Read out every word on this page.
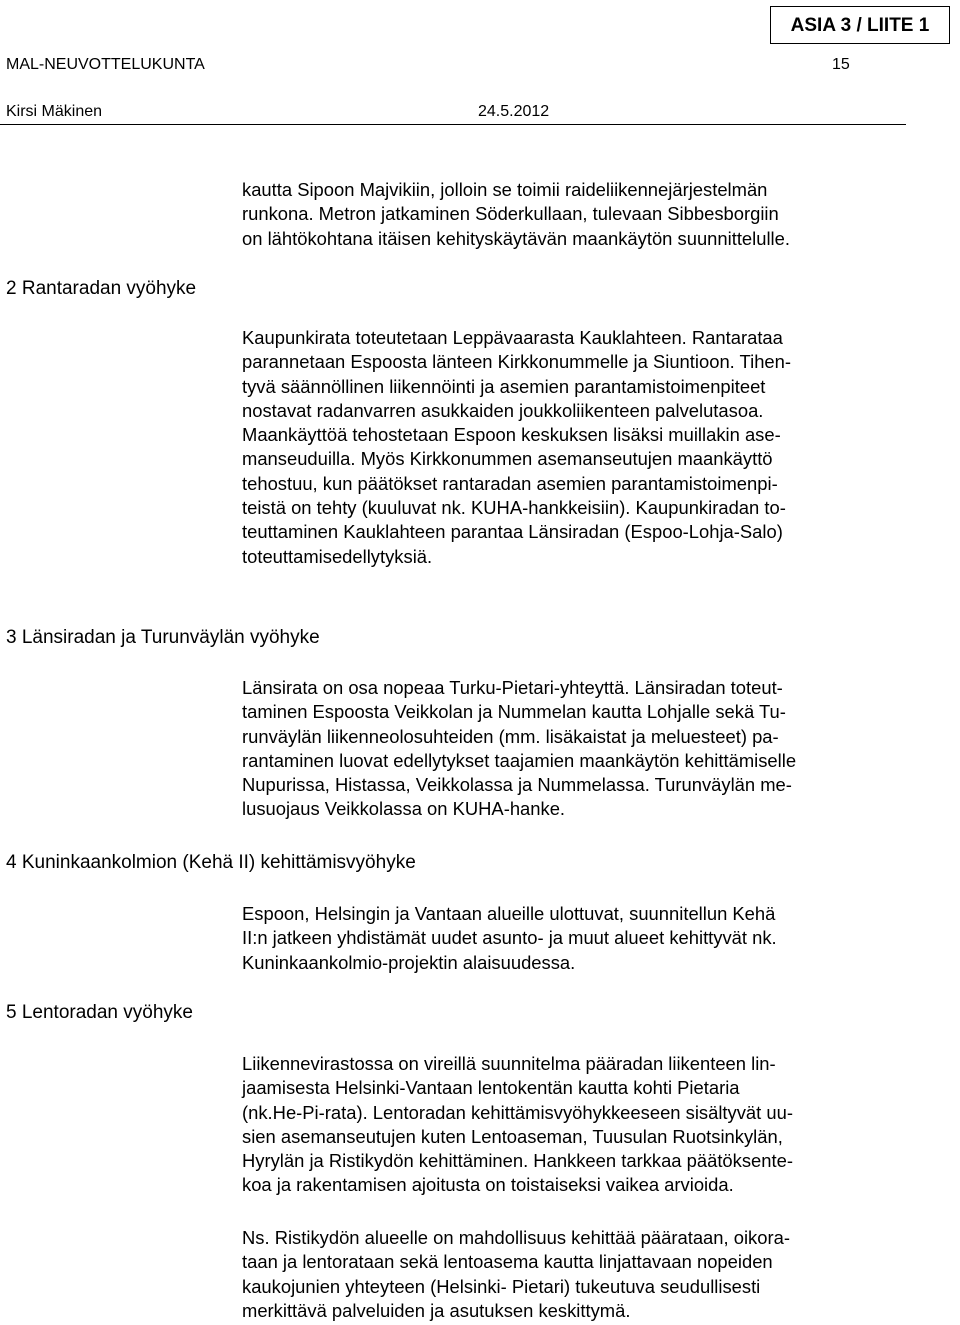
ASIA 3 / LIITE 1
MAL-NEUVOTTELUKUNTA	15
Kirsi Mäkinen	24.5.2012
kautta Sipoon Majvikiin, jolloin se toimii raideliikennejärjestelmän
runkona. Metron jatkaminen Söderkullaan, tulevaan Sibbesborgiin
on lähtökohtana itäisen kehityskäytävän maankäytön suunnittelulle.
2 Rantaradan vyöhyke
Kaupunkirata toteutetaan Leppävaarasta Kauklahteen. Rantarataa
parannetaan Espoosta länteen Kirkkonummelle ja Siuntioon. Tihen-
tyvä säännöllinen liikennöinti ja asemien parantamistoimenpiteet
nostavat radanvarren asukkaiden joukkoliikenteen palvelutasoa.
Maankäyttöä tehostetaan Espoon keskuksen lisäksi muillakin ase-
manseuduilla. Myös Kirkkonummen asemanseutujen maankäyttö
tehostuu, kun päätökset rantaradan asemien parantamistoimenpi-
teistä on tehty (kuuluvat nk. KUHA-hankkeisiin). Kaupunkiradan to-
teuttaminen Kauklahteen parantaa Länsiradan (Espoo-Lohja-Salo)
toteuttamisedellytyksiä.
3 Länsiradan ja Turunväylän vyöhyke
Länsirata on osa nopeaa Turku-Pietari-yhteyttä. Länsiradan toteut-
taminen Espoosta Veikkolan ja Nummelan kautta Lohjalle sekä Tu-
runväylän liikenneolosuhteiden (mm. lisäkaistat ja meluesteet) pa-
rantaminen luovat edellytykset taajamien maankäytön kehittämiselle
Nupurissa, Histassa, Veikkolassa ja Nummelassa. Turunväylän me-
lusuojaus Veikkolassa on KUHA-hanke.
4 Kuninkaankolmion (Kehä II) kehittämisvyöhyke
Espoon, Helsingin ja Vantaan alueille ulottuvat, suunnitellun Kehä
II:n jatkeen yhdistämät uudet asunto- ja muut alueet kehittyvät nk.
Kuninkaankolmio-projektin alaisuudessa.
5 Lentoradan vyöhyke
Liikennevirastossa on vireillä suunnitelma pääradan liikenteen lin-
jaamisesta Helsinki-Vantaan lentokentän kautta kohti Pietaria
(nk.He-Pi-rata). Lentoradan kehittämisvyöhykkeeseen sisältyvät uu-
sien asemanseutujen kuten Lentoaseman, Tuusulan Ruotsinkylän,
Hyrylän ja Ristikydön kehittäminen. Hankkeen tarkkaa päätöksente-
koa ja rakentamisen ajoitusta on toistaiseksi vaikea arvioida.
Ns. Ristikydön alueelle on mahdollisuus kehittää päärataan, oikora-
taan ja lentorataan sekä lentoasema kautta linjattavaan nopeiden
kaukojunien yhteyteen (Helsinki- Pietari) tukeutuva seudullisesti
merkittävä palveluiden ja asutuksen keskittymä.
